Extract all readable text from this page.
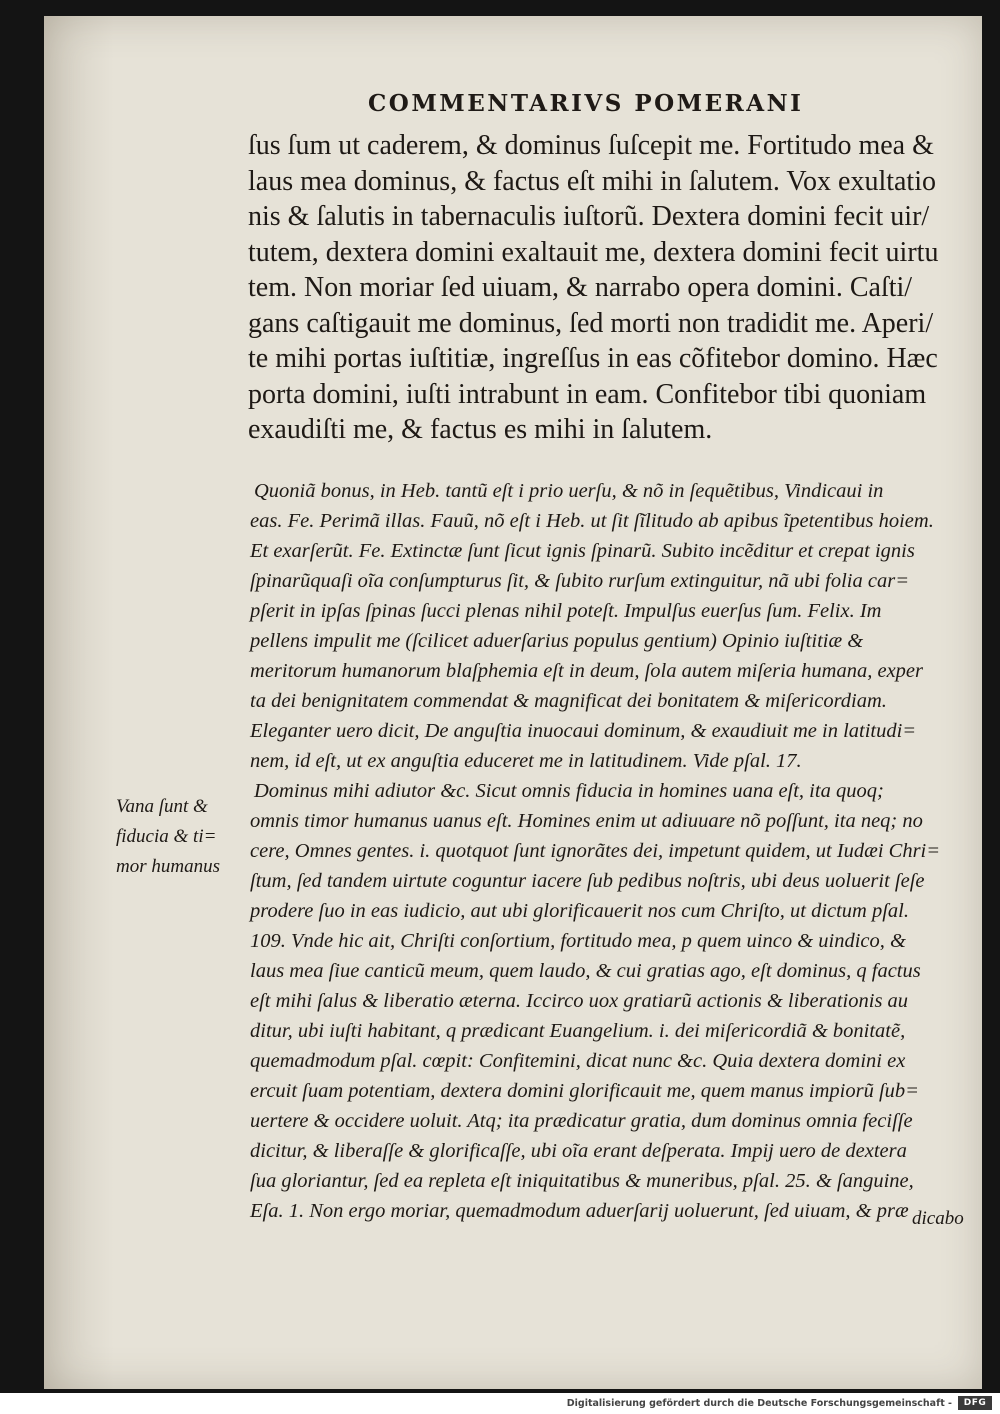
COMMENTARIVS POMERANI
ſus ſum ut caderem, & dominus ſuſcepit me. Fortitudo mea &
laus mea dominus, & factus eſt mihi in ſalutem. Vox exultatio
nis & ſalutis in tabernaculis iuſtorũ. Dextera domini fecit uir/
tutem, dextera domini exaltauit me, dextera domini fecit uirtu
tem. Non moriar ſed uiuam, & narrabo opera domini. Caſti/
gans caſtigauit me dominus, ſed morti non tradidit me. Aperi/
te mihi portas iuſtitiæ, ingreſſus in eas cõfitebor domino. Hæc
porta domini, iuſti intrabunt in eam. Confitebor tibi quoniam
exaudiſti me, & factus es mihi in ſalutem.
Quoniã bonus, in Heb. tantũ eſt i prio uerſu, & nõ in ſequẽtibus, Vindicaui in
eas. Fe. Perimã illas. Fauũ, nõ eſt i Heb. ut ſit ſĩlitudo ab apibus ĩpetentibus hoiem.
Et exarſerũt. Fe. Extinctæ ſunt ſicut ignis ſpinarũ. Subito incẽditur et crepat ignis
ſpinarũquaſi oĩa conſumpturus ſit, & ſubito rurſum extinguitur, nã ubi folia car=
pſerit in ipſas ſpinas ſucci plenas nihil poteſt. Impulſus euerſus ſum. Felix. Im
pellens impulit me (ſcilicet aduerſarius populus gentium) Opinio iuſtitiæ &
meritorum humanorum blaſphemia eſt in deum, ſola autem miſeria humana, exper
ta dei benignitatem commendat & magnificat dei bonitatem & miſericordiam.
Eleganter uero dicit, De anguſtia inuocaui dominum, & exaudiuit me in latitudi=
nem, id eſt, ut ex anguſtia educeret me in latitudinem. Vide pſal. 17.
Dominus mihi adiutor &c. Sicut omnis fiducia in homines uana eſt, ita quoq;
omnis timor humanus uanus eſt. Homines enim ut adiuuare nõ poſſunt, ita neq; no
cere, Omnes gentes. i. quotquot ſunt ignorãtes dei, impetunt quidem, ut Iudæi Chri=
ſtum, ſed tandem uirtute coguntur iacere ſub pedibus noſtris, ubi deus uoluerit ſeſe
prodere ſuo in eas iudicio, aut ubi glorificauerit nos cum Chriſto, ut dictum pſal.
109. Vnde hic ait, Chriſti conſortium, fortitudo mea, p quem uinco & uindico, &
laus mea ſiue canticũ meum, quem laudo, & cui gratias ago, eſt dominus, q factus
eſt mihi ſalus & liberatio æterna. Iccirco uox gratiarũ actionis & liberationis au
ditur, ubi iuſti habitant, q prædicant Euangelium. i. dei miſericordiã & bonitatẽ,
quemadmodum pſal. cœpit: Confitemini, dicat nunc &c. Quia dextera domini ex
ercuit ſuam potentiam, dextera domini glorificauit me, quem manus impiorũ ſub=
uertere & occidere uoluit. Atq; ita prædicatur gratia, dum dominus omnia feciſſe
dicitur, & liberaſſe & glorificaſſe, ubi oĩa erant deſperata. Impij uero de dextera
ſua gloriantur, ſed ea repleta eſt iniquitatibus & muneribus, pſal. 25. & ſanguine,
Eſa. 1. Non ergo moriar, quemadmodum aduerſarij uoluerunt, ſed uiuam, & præ
Vana ſunt &
fiducia & ti=
mor humanus
dicabo
Digitalisierung gefördert durch die Deutsche Forschungsgemeinschaft -	DFG
